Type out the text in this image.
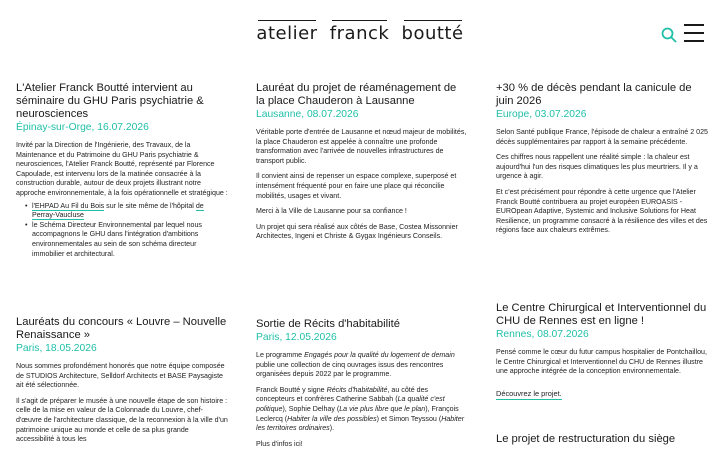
atelier franck boutté
L'Atelier Franck Boutté intervient au séminaire du GHU Paris psychiatrie & neurosciences
Épinay-sur-Orge, 16.07.2026

Invité par la Direction de l'Ingénierie, des Travaux, de la Maintenance et du Patrimoine du GHU Paris psychiatrie & neurosciences, l'Atelier Franck Boutté, représenté par Florence Capoulade, est intervenu lors de la matinée consacrée à la construction durable, autour de deux projets illustrant notre approche environnementale, à la fois opérationnelle et stratégique :

• l'EHPAD Au Fil du Bois sur le site même de l'hôpital de Perray-Vaucluse
• le Schéma Directeur Environnemental par lequel nous accompagnons le GHU dans l'intégration d'ambitions environnementales au sein de son schéma directeur immobilier et architectural.
Lauréat du projet de réaménagement de la place Chauderon à Lausanne
Lausanne, 08.07.2026

Véritable porte d'entrée de Lausanne et nœud majeur de mobilités, la place Chauderon est appelée à connaître une profonde transformation avec l'arrivée de nouvelles infrastructures de transport public.

Il convient ainsi de repenser un espace complexe, superposé et intensément fréquenté pour en faire une place qui réconcilie mobilités, usages et vivant.

Merci à la Ville de Lausanne pour sa confiance !

Un projet qui sera réalisé aux côtés de Base, Costea Missonnier Architectes, Ingeni et Christe & Gygax Ingénieurs Conseils.

+30 % de décès pendant la canicule de juin 2026
Europe, 03.07.2026

Selon Santé publique France, l'épisode de chaleur a entraîné 2 025 décès supplémentaires par rapport à la semaine précédente.

Ces chiffres nous rappellent une réalité simple : la chaleur est aujourd'hui l'un des risques climatiques les plus meurtriers. Il y a urgence à agir.

Et c'est précisément pour répondre à cette urgence que l'Atelier Franck Boutté contribuera au projet européen EUROASIS - EUROpean Adaptive, Systemic and Inclusive Solutions for Heat Resilience, un programme consacré à la résilience des villes et des régions face aux chaleurs extrêmes.

Lauréats du concours « Louvre – Nouvelle Renaissance »
Paris, 18.05.2026

Nous sommes profondément honorés que notre équipe composée de STUDIOS Architecture, Selldorf Architects et BASE Paysagiste ait été sélectionnée.

Il s'agit de préparer le musée à une nouvelle étape de son histoire : celle de la mise en valeur de la Colonnade du Louvre, chef-d'œuvre de l'architecture classique, de la reconnexion à la ville d'un patrimoine unique au monde et celle de sa plus grande accessibilité à tous les

Sortie de Récits d'habitabilité
Paris, 12.05.2026

Le programme Engagés pour la qualité du logement de demain publie une collection de cinq ouvrages issus des rencontres organisées depuis 2022 par le programme.

Franck Boutté y signe Récits d'habitabilité, au côté des concepteurs et confrères Catherine Sabbah (La qualité c'est politique), Sophie Delhay (La vie plus libre que le plan), François Leclercq (Habiter la ville des possibles) et Simon Teyssou (Habiter les territoires ordinaires).

Plus d'infos ici!

Le Centre Chirurgical et Interventionnel du CHU de Rennes est en ligne !
Rennes, 08.07.2026

Pensé comme le cœur du futur campus hospitalier de Pontchaillou, le Centre Chirurgical et Interventionnel du CHU de Rennes illustre une approche intégrée de la conception environnementale.

Découvrez le projet.
Le projet de restructuration du siège
